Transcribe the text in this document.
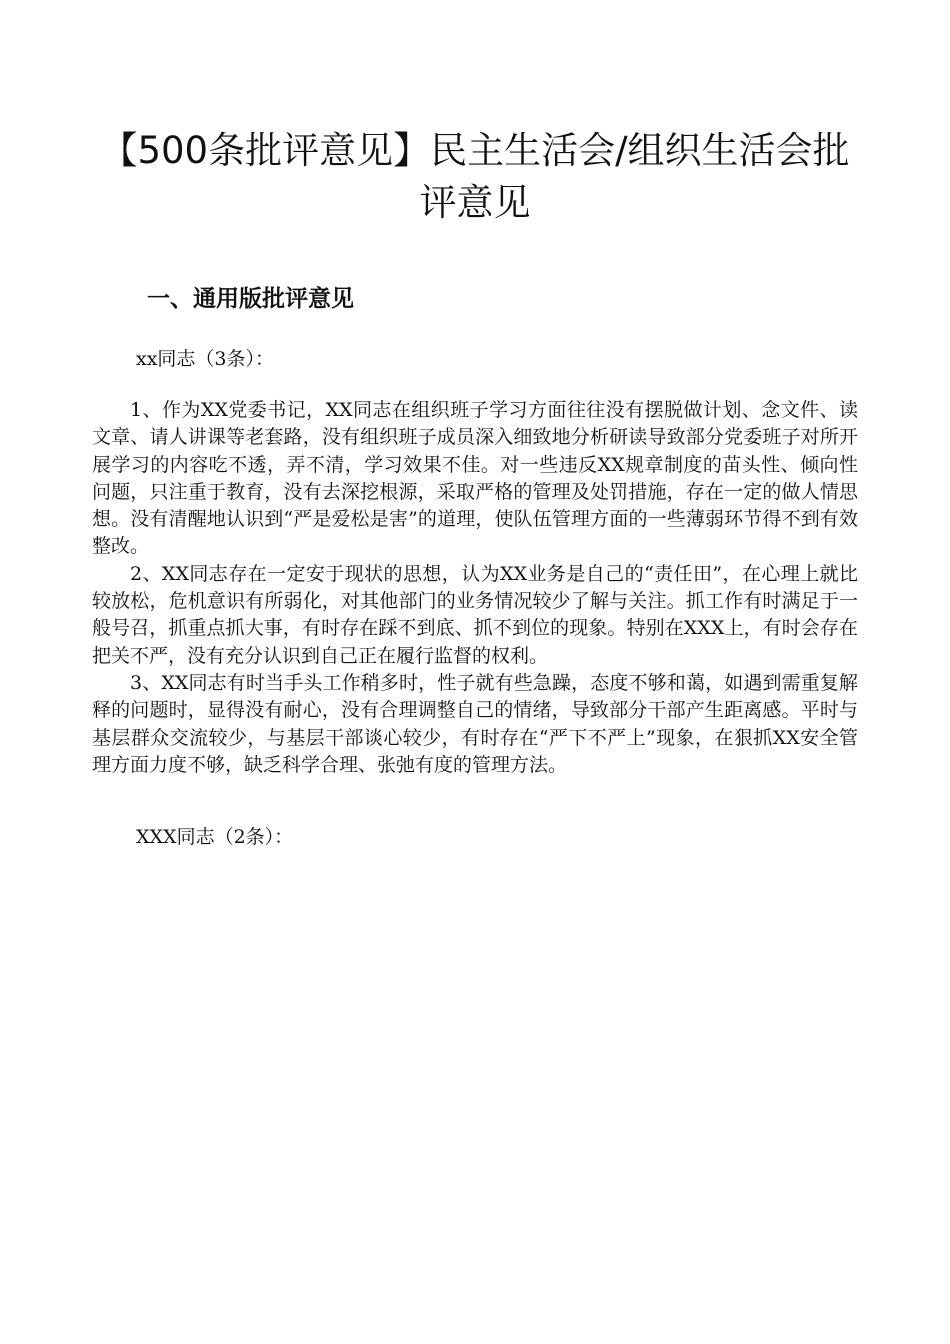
【500条批评意见】民主生活会/组织生活会批评意见
一、通用版批评意见

xx同志（3条）：

1、作为XX党委书记，XX同志在组织班子学习方面往往没有摆脱做计划、念文件、读文章、请人讲课等老套路，没有组织班子成员深入细致地分析研读导致部分党委班子对所开展学习的内容吃不透，弄不清，学习效果不佳。对一些违反XX规章制度的苗头性、倾向性问题，只注重于教育，没有去深挖根源，采取严格的管理及处罚措施，存在一定的做人情思想。没有清醒地认识到“严是爱松是害”的道理，使队伍管理方面的一些薄弱环节得不到有效整改。

2、XX同志存在一定安于现状的思想，认为XX业务是自己的“责任田”，在心理上就比较放松，危机意识有所弱化，对其他部门的业务情况较少了解与关注。抓工作有时满足于一般号召，抓重点抓大事，有时存在踩不到底、抓不到位的现象。特别在XXX上，有时会存在把关不严，没有充分认识到自己正在履行监督的权利。

3、XX同志有时当手头工作稍多时，性子就有些急躁，态度不够和蔼，如遇到需重复解释的问题时，显得没有耐心，没有合理调整自己的情绪，导致部分干部产生距离感。平时与基层群众交流较少，与基层干部谈心较少，有时存在“严下不严上”现象，在狠抓XX安全管理方面力度不够，缺乏科学合理、张弛有度的管理方法。

XXX同志（2条）：
